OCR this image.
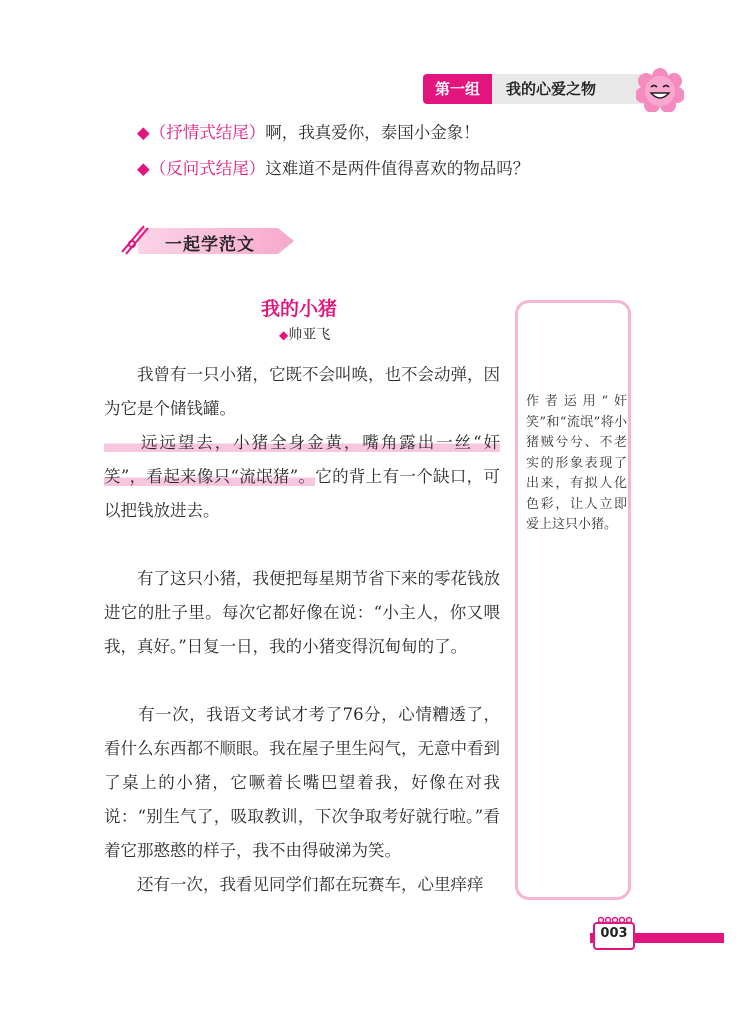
第一组	我的心爱之物
◆（抒情式结尾）啊，我真爱你，泰国小金象！
◆（反问式结尾）这难道不是两件值得喜欢的物品吗？
一起学范文
我的小猪
◆帅亚飞

　　我曾有一只小猪，它既不会叫唤，也不会动弹，因为它是个储钱罐。

　　远远望去，小猪全身金黄，嘴角露出一丝“奸笑”，看起来像只“流氓猪”。它的背上有一个缺口，可以把钱放进去。

　　有了这只小猪，我便把每星期节省下来的零花钱放进它的肚子里。每次它都好像在说：“小主人，你又喂我，真好。”日复一日，我的小猪变得沉甸甸的了。

　　有一次，我语文考试才考了76分，心情糟透了，看什么东西都不顺眼。我在屋子里生闷气，无意中看到了桌上的小猪，它噘着长嘴巴望着我，好像在对我说：“别生气了，吸取教训，下次争取考好就行啦。”看着它那憨憨的样子，我不由得破涕为笑。

　　还有一次，我看见同学们都在玩赛车，心里痒痒

作者运用“奸笑”和“流氓”将小猪贼兮兮、不老实的形象表现了出来，有拟人化色彩，让人立即爱上这只小猪。
003
